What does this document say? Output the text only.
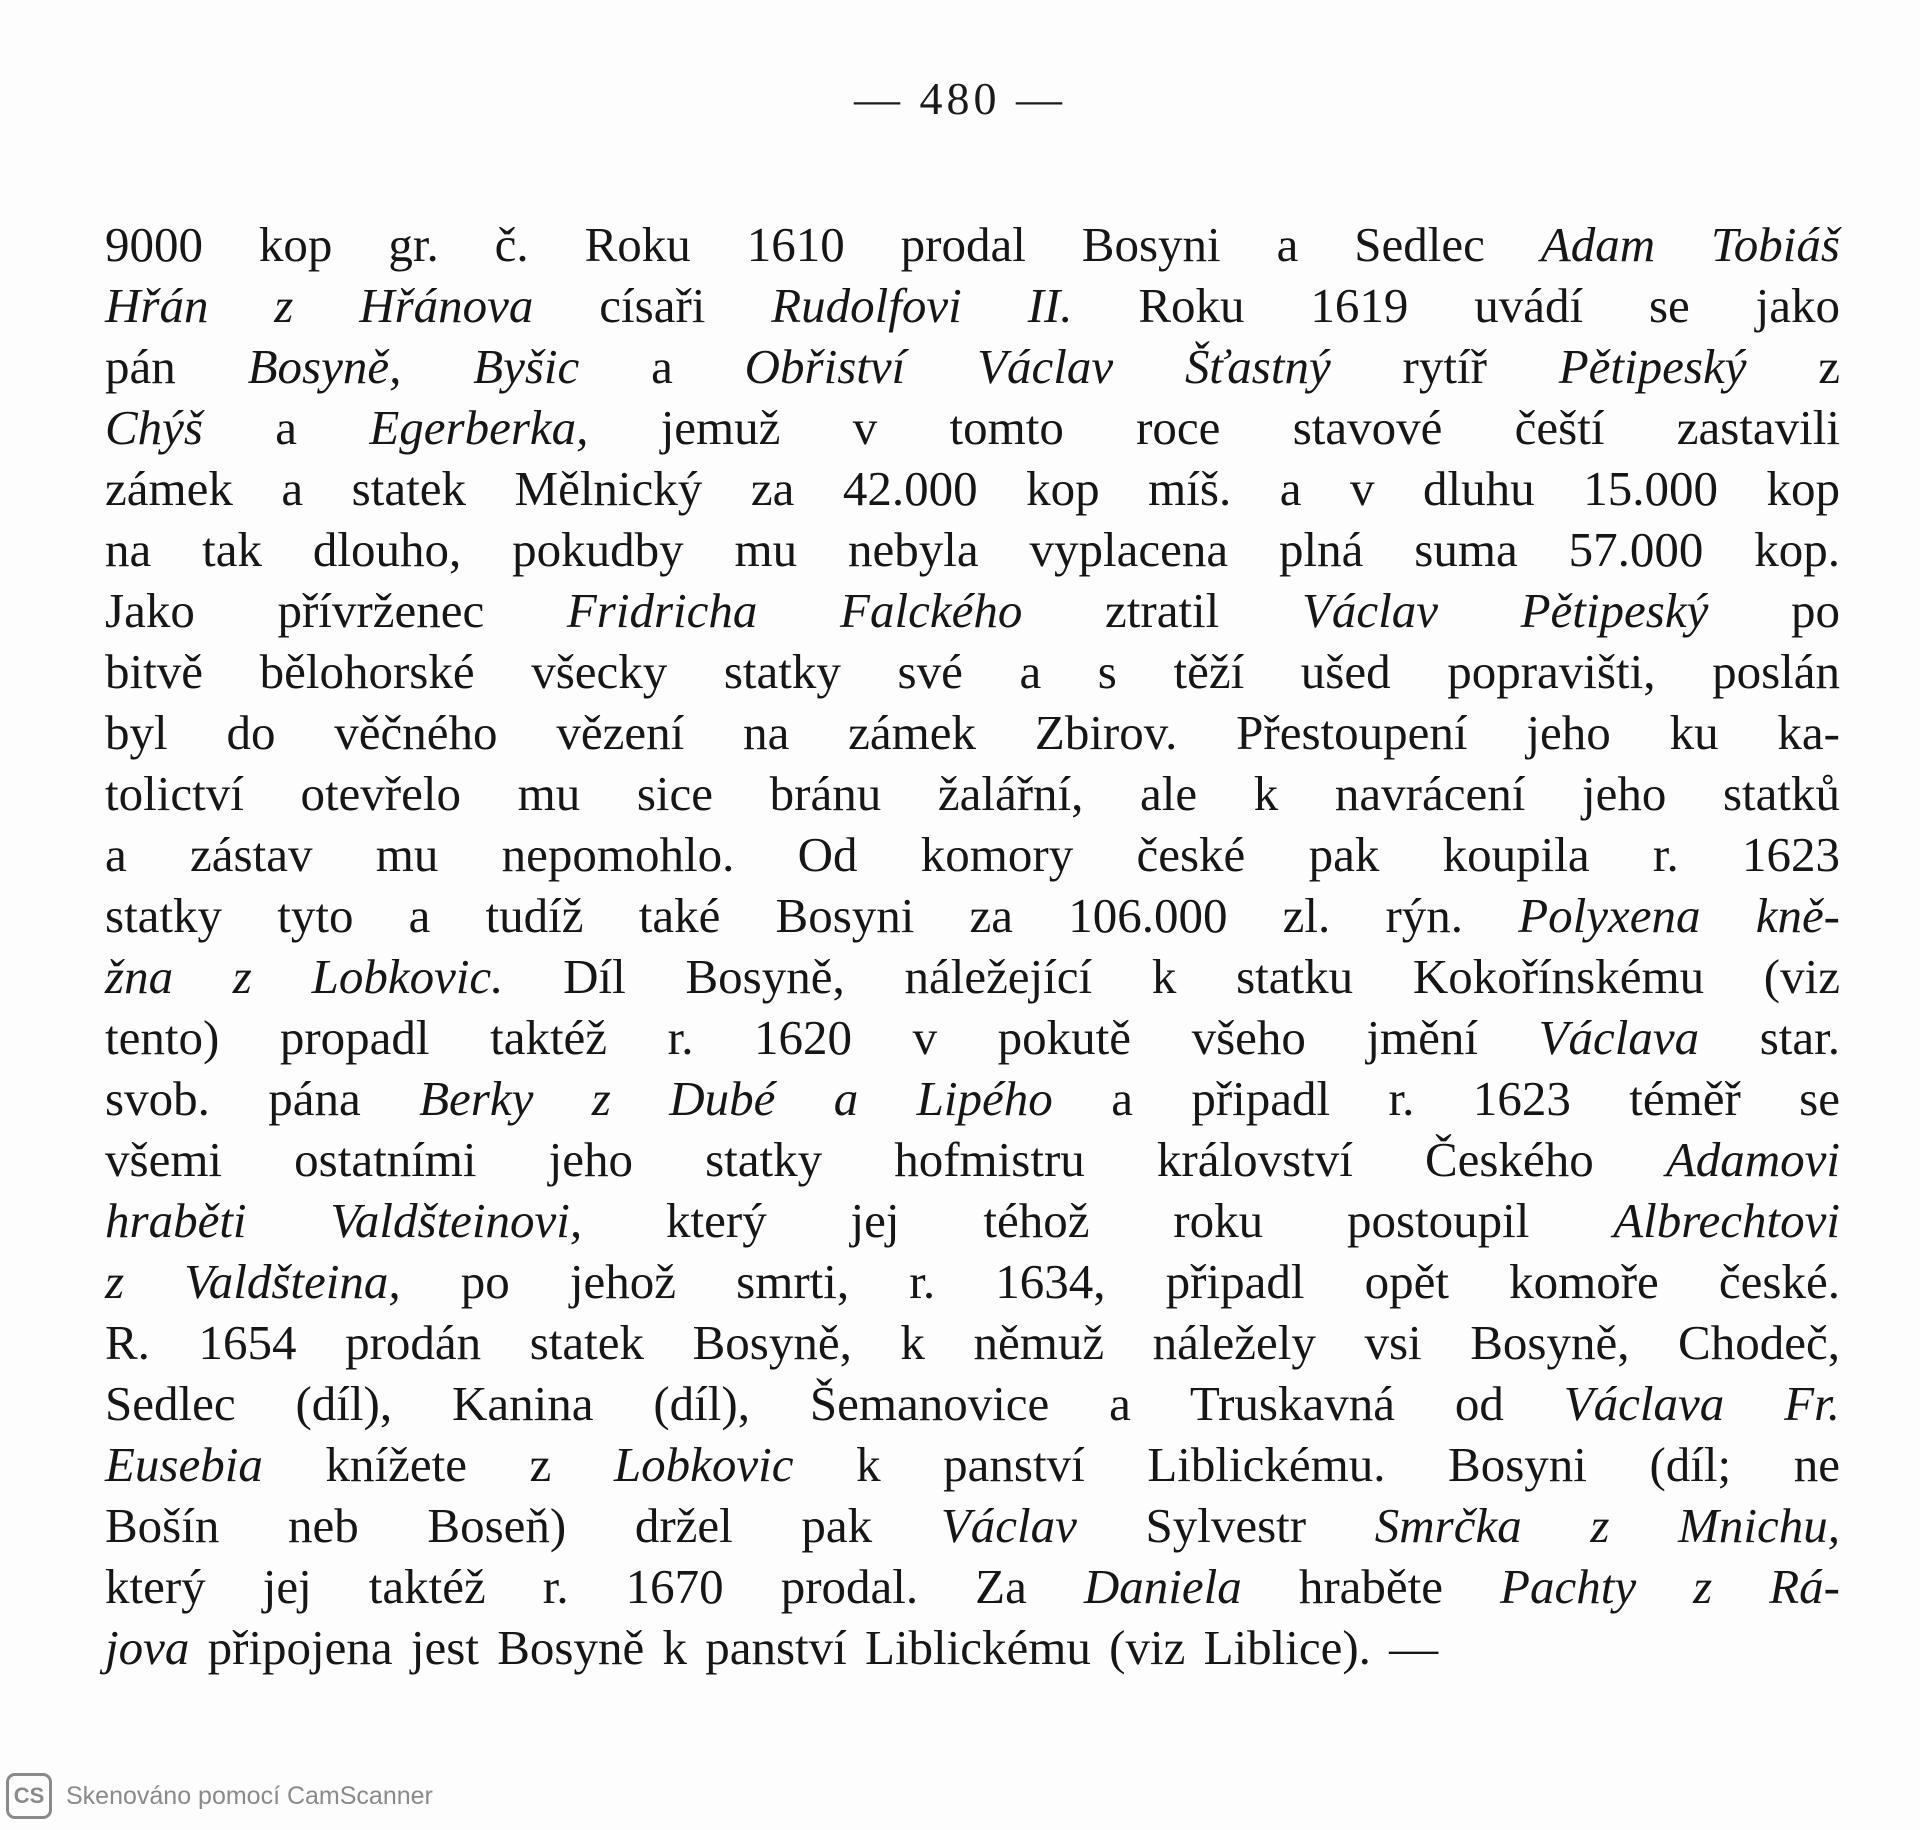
— 480 —
9000 kop gr. č. Roku 1610 prodal Bosyni a Sedlec Adam Tobiáš
Hřán z Hřánova císaři Rudolfovi II. Roku 1619 uvádí se jako
pán Bosyně, Byšic a Obřiství Václav Šťastný rytíř Pětipeský z
Chýš a Egerberka, jemuž v tomto roce stavové čeští zastavili
zámek a statek Mělnický za 42.000 kop míš. a v dluhu 15.000 kop
na tak dlouho, pokudby mu nebyla vyplacena plná suma 57.000 kop.
Jako přívrženec Fridricha Falckého ztratil Václav Pětipeský po
bitvě bělohorské všecky statky své a s těží ušed popravišti, poslán
byl do věčného vězení na zámek Zbirov. Přestoupení jeho ku ka-
tolictví otevřelo mu sice bránu žalářní, ale k navrácení jeho statků
a zástav mu nepomohlo. Od komory české pak koupila r. 1623
statky tyto a tudíž také Bosyni za 106.000 zl. rýn. Polyxena kně-
žna z Lobkovic. Díl Bosyně, náležející k statku Kokořínskému (viz
tento) propadl taktéž r. 1620 v pokutě všeho jmění Václava star.
svob. pána Berky z Dubé a Lipého a připadl r. 1623 téměř se
všemi ostatními jeho statky hofmistru království Českého Adamovi
hraběti Valdšteinovi, který jej téhož roku postoupil Albrechtovi
z Valdšteina, po jehož smrti, r. 1634, připadl opět komoře české.
R. 1654 prodán statek Bosyně, k němuž náležely vsi Bosyně, Chodeč,
Sedlec (díl), Kanina (díl), Šemanovice a Truskavná od Václava Fr.
Eusebia knížete z Lobkovic k panství Liblickému. Bosyni (díl; ne
Bošín neb Boseň) držel pak Václav Sylvestr Smrčka z Mnichu,
který jej taktéž r. 1670 prodal. Za Daniela hraběte Pachty z Rá-
jova připojena jest Bosyně k panství Liblickému (viz Liblice). —
CS Skenováno pomocí CamScanner
